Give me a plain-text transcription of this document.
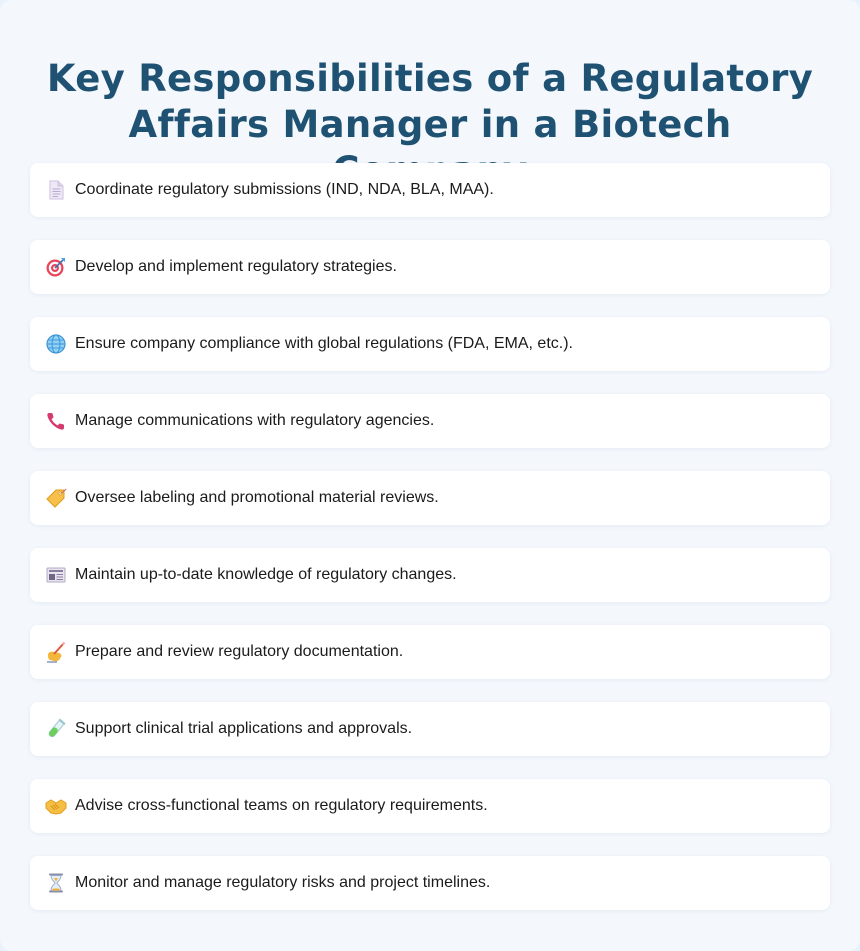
Key Responsibilities of a Regulatory Affairs Manager in a Biotech
Coordinate regulatory submissions (IND, NDA, BLA, MAA).
Develop and implement regulatory strategies.
Ensure company compliance with global regulations (FDA, EMA, etc.).
Manage communications with regulatory agencies.
Oversee labeling and promotional material reviews.
Maintain up-to-date knowledge of regulatory changes.
Prepare and review regulatory documentation.
Support clinical trial applications and approvals.
Advise cross-functional teams on regulatory requirements.
Monitor and manage regulatory risks and project timelines.
